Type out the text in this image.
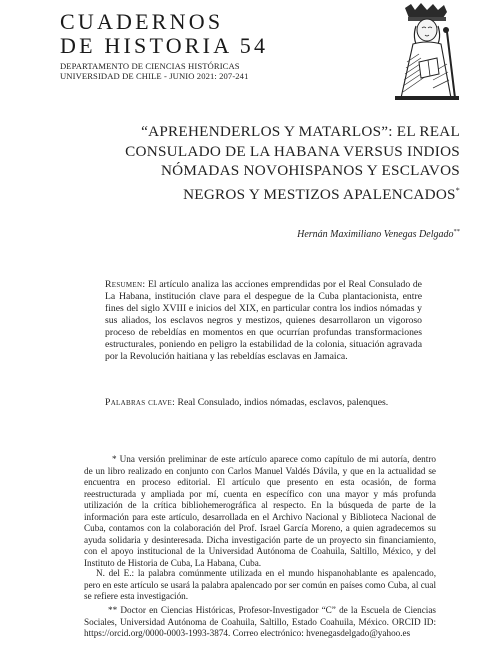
CUADERNOS
DE HISTORIA 54
DEPARTAMENTO DE CIENCIAS HISTÓRICAS
UNIVERSIDAD DE CHILE - JUNIO 2021: 207-241
“APREHENDERLOS Y MATARLOS”: EL REAL
CONSULADO DE LA HABANA VERSUS INDIOS
NÓMADAS NOVOHISPANOS Y ESCLAVOS
NEGROS Y MESTIZOS APALENCADOS*
Hernán Maximiliano Venegas Delgado**
Resumen: El artículo analiza las acciones emprendidas por el Real Consulado de La Habana, institución clave para el despegue de la Cuba plantacionista, entre fines del siglo XVIII e inicios del XIX, en particular contra los indios nómadas y sus aliados, los esclavos negros y mestizos, quienes desarrollaron un vigoroso proceso de rebeldías en momentos en que ocurrían profundas transformaciones estructurales, poniendo en peligro la estabilidad de la colonia, situación agravada por la Revolución haitiana y las rebeldías esclavas en Jamaica.
Palabras clave: Real Consulado, indios nómadas, esclavos, palenques.
* Una versión preliminar de este artículo aparece como capítulo de mi autoría, dentro de un libro realizado en conjunto con Carlos Manuel Valdés Dávila, y que en la actualidad se encuentra en proceso editorial. El artículo que presento en esta ocasión, de forma reestructurada y ampliada por mí, cuenta en específico con una mayor y más profunda utilización de la crítica bibliohemerográfica al respecto. En la búsqueda de parte de la información para este artículo, desarrollada en el Archivo Nacional y Biblioteca Nacional de Cuba, contamos con la colaboración del Prof. Israel García Moreno, a quien agradecemos su ayuda solidaria y desinteresada. Dicha investigación parte de un proyecto sin financiamiento, con el apoyo institucional de la Universidad Autónoma de Coahuila, Saltillo, México, y del Instituto de Historia de Cuba, La Habana, Cuba.
N. del E.: la palabra comúnmente utilizada en el mundo hispanohablante es apalencado, pero en este artículo se usará la palabra apalencado por ser común en países como Cuba, al cual se refiere esta investigación.
** Doctor en Ciencias Históricas, Profesor-Investigador “C” de la Escuela de Ciencias Sociales, Universidad Autónoma de Coahuila, Saltillo, Estado Coahuila, México. ORCID ID: https://orcid.org/0000-0003-1993-3874. Correo electrónico: hvenegasdelgado@yahoo.es
